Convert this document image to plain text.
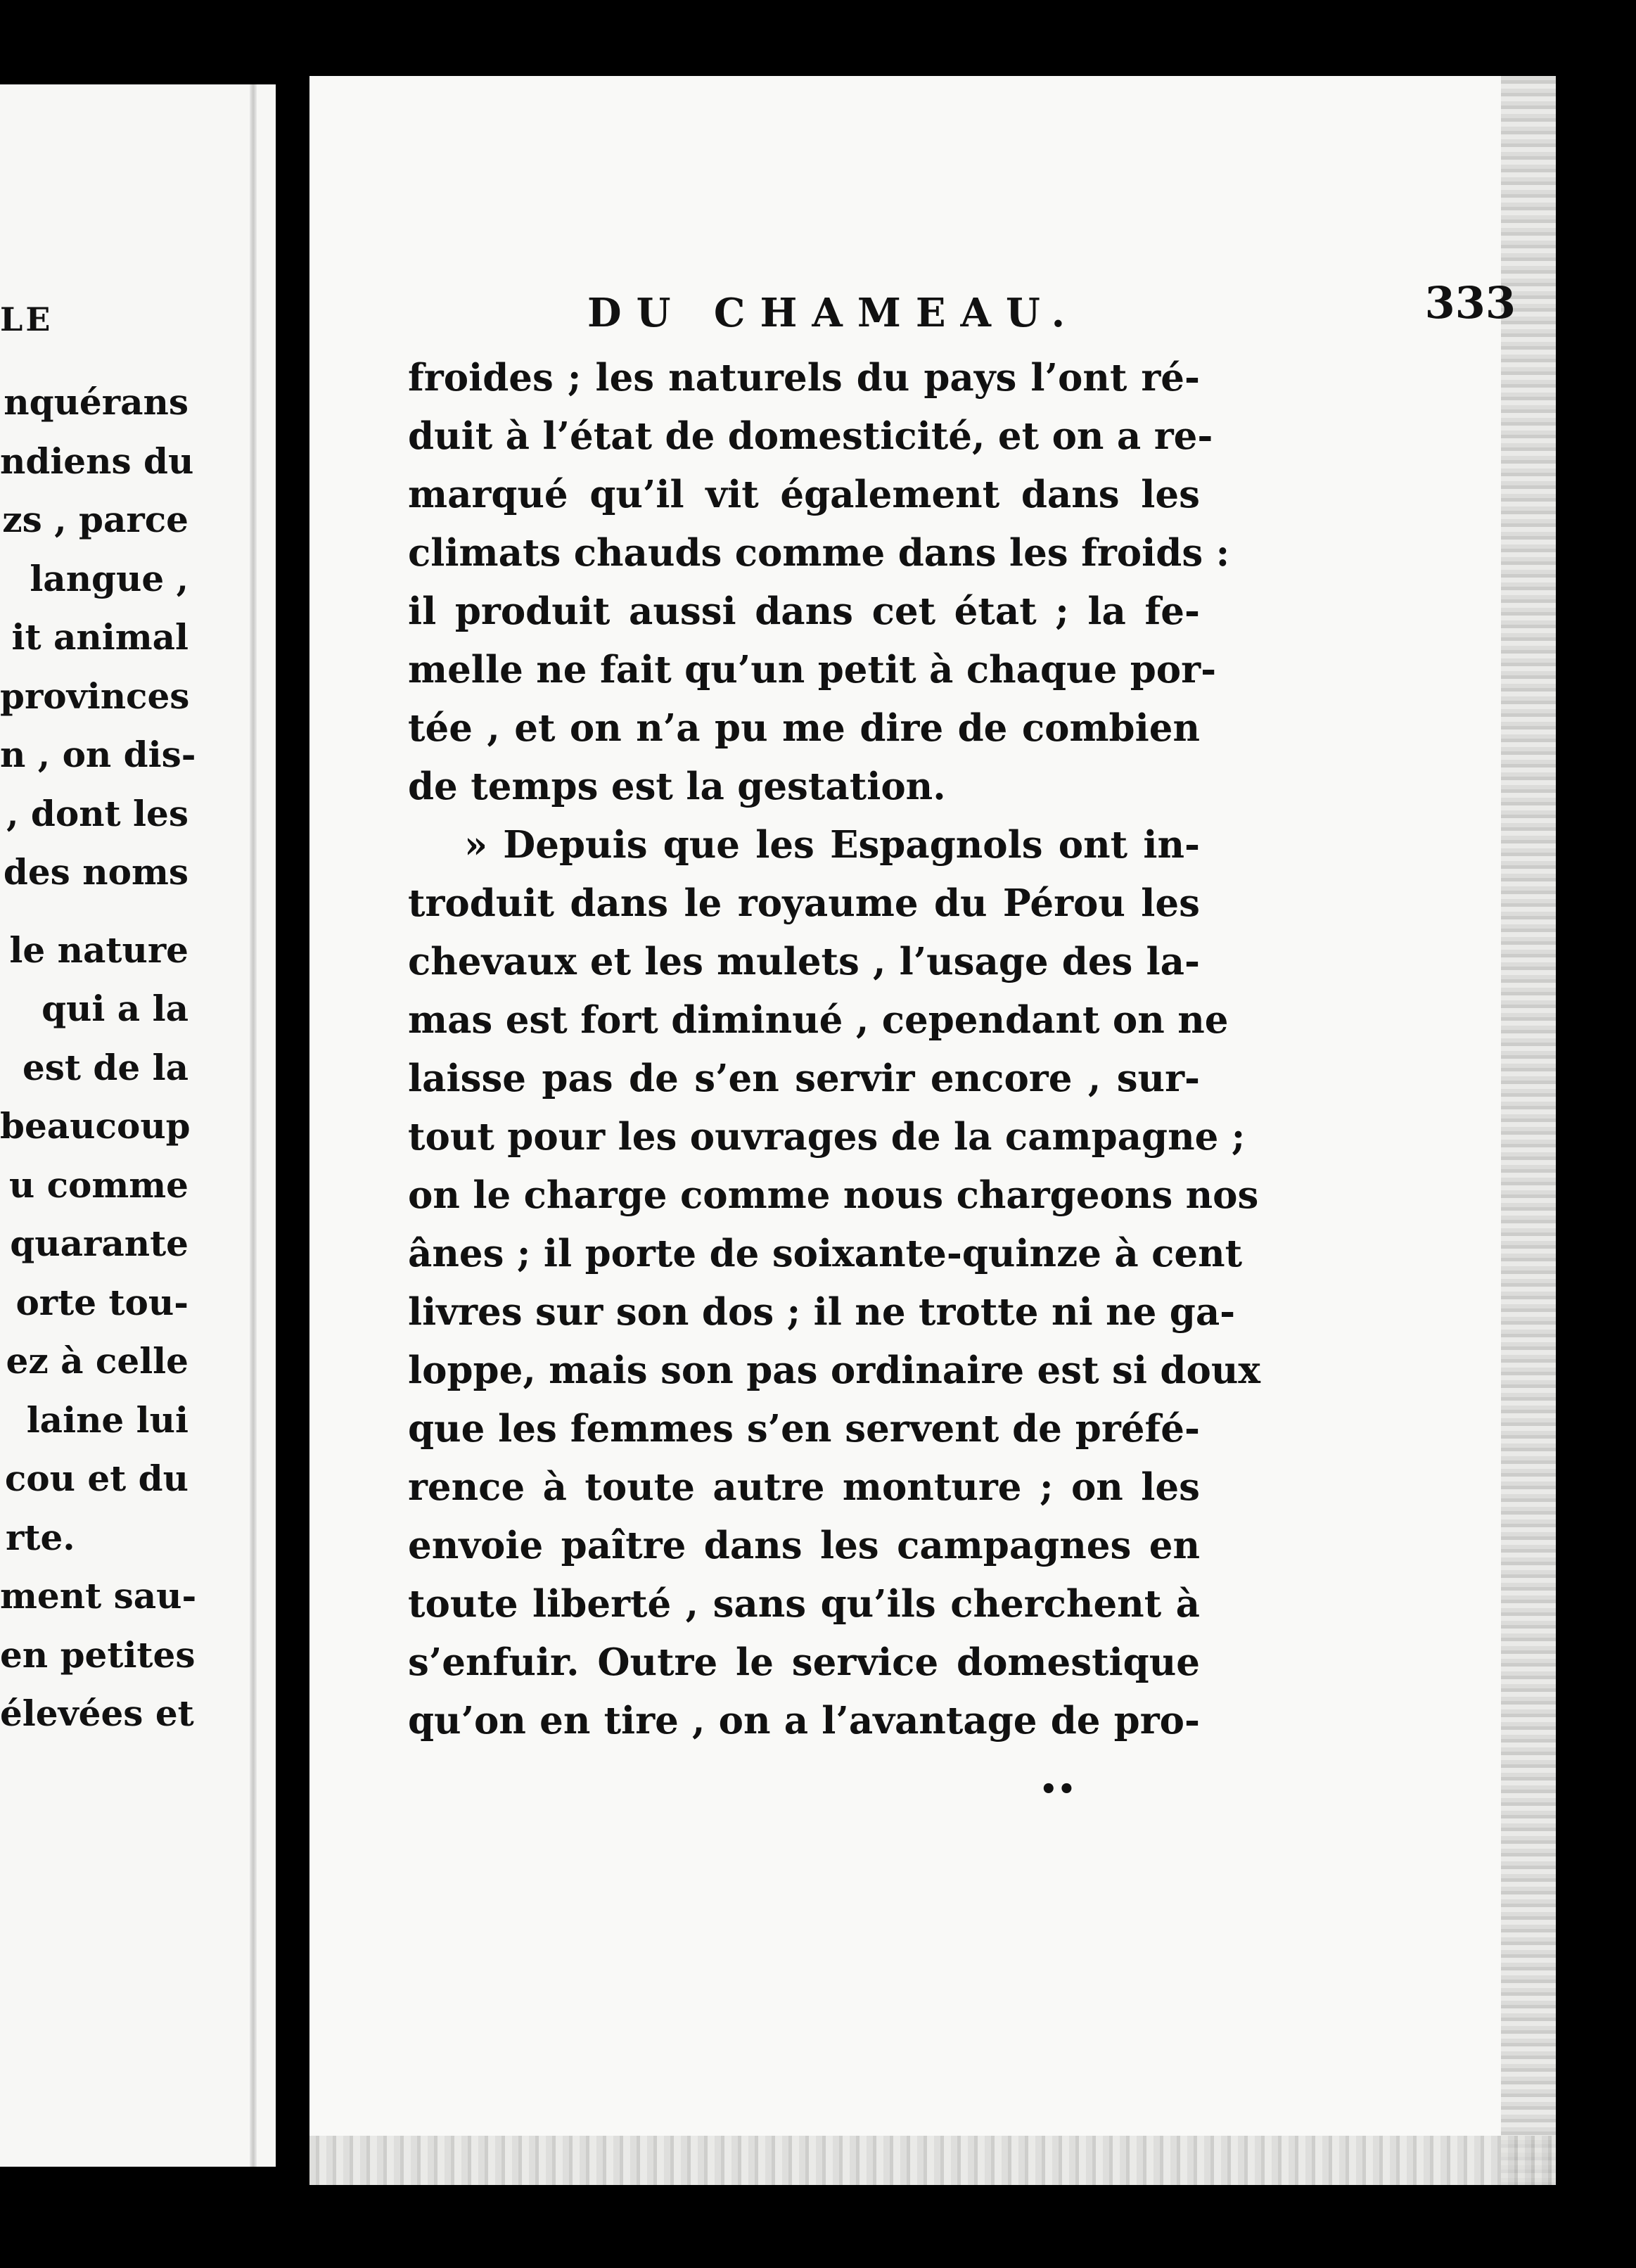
LE
nquérans
ndiens du
zs , parce
langue ,
it animal
provinces
n , on dis-
, dont les
des noms
le nature
qui a la
est de la
beaucoup
u comme
quarante
orte tou-
ez à celle
laine lui
cou et du
rte.
ment sau-
en petites
élevées et
DU CHAMEAU.	333
froides ; les naturels du pays l’ont ré-
duit à l’état de domesticité, et on a re-
marqué qu’il vit également dans les
climats chauds comme dans les froids :
il produit aussi dans cet état ; la fe-
melle ne fait qu’un petit à chaque por-
tée , et on n’a pu me dire de combien
de temps est la gestation.
» Depuis que les Espagnols ont in-
troduit dans le royaume du Pérou les
chevaux et les mulets , l’usage des la-
mas est fort diminué , cependant on ne
laisse pas de s’en servir encore , sur-
tout pour les ouvrages de la campagne ;
on le charge comme nous chargeons nos
ânes ; il porte de soixante-quinze à cent
livres sur son dos ; il ne trotte ni ne ga-
loppe, mais son pas ordinaire est si doux
que les femmes s’en servent de préfé-
rence à toute autre monture ; on les
envoie paître dans les campagnes en
toute liberté , sans qu’ils cherchent à
s’enfuir. Outre le service domestique
qu’on en tire , on a l’avantage de pro-
••
